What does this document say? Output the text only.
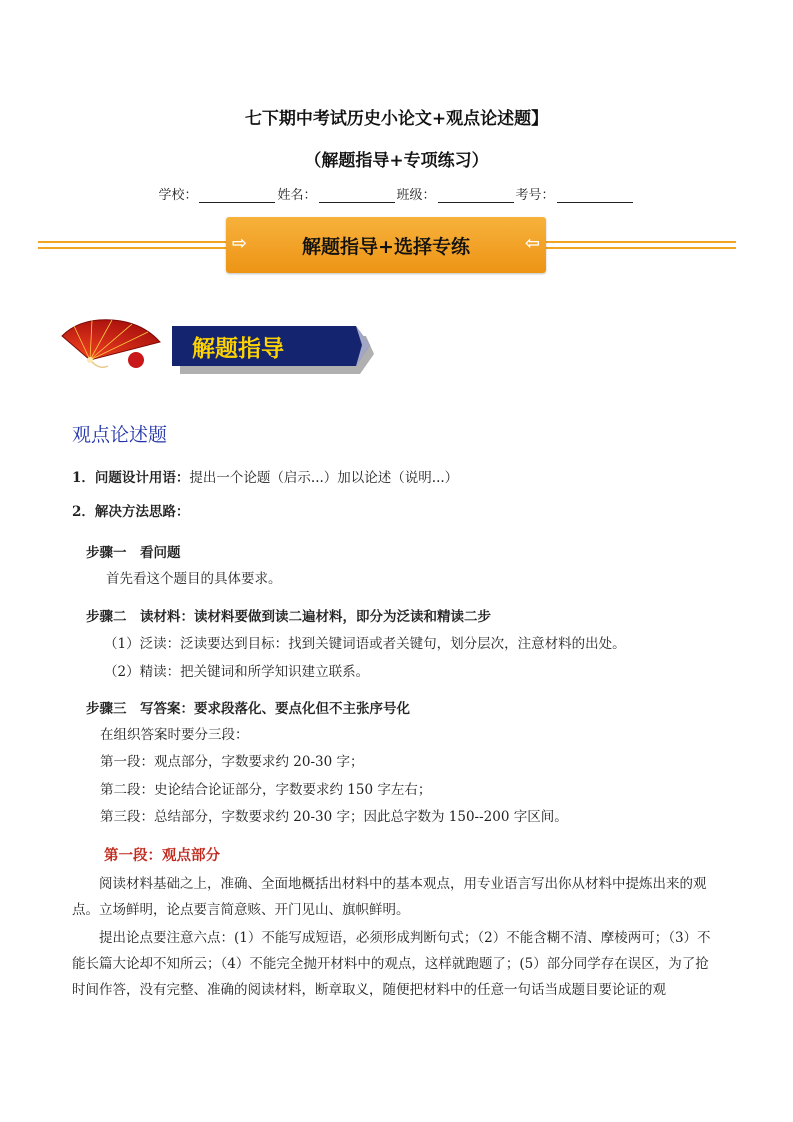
七下期中考试历史小论文+观点论述题】
（解题指导+专项练习）
学校：	姓名：	班级：	考号：
⇨	解题指导+选择专练	⇦
解题指导
观点论述题
1．问题设计用语：提出一个论题（启示...）加以论述（说明...）
2．解决方法思路：
步骤一　看问题
首先看这个题目的具体要求。
步骤二　读材料：读材料要做到读二遍材料，即分为泛读和精读二步
（1）泛读：泛读要达到目标：找到关键词语或者关键句，划分层次，注意材料的出处。
（2）精读：把关键词和所学知识建立联系。
步骤三　写答案：要求段落化、要点化但不主张序号化
在组织答案时要分三段：
第一段：观点部分，字数要求约 20-30 字；
第二段：史论结合论证部分，字数要求约 150 字左右；
第三段：总结部分，字数要求约 20-30 字；因此总字数为 150--200 字区间。
第一段：观点部分
阅读材料基础之上，准确、全面地概括出材料中的基本观点，用专业语言写出你从材料中提炼出来的观点。立场鲜明，论点要言简意赅、开门见山、旗帜鲜明。
提出论点要注意六点：(1）不能写成短语，必须形成判断句式；（2）不能含糊不清、摩棱两可；（3）不能长篇大论却不知所云；（4）不能完全抛开材料中的观点，这样就跑题了；(5）部分同学存在误区，为了抢时间作答，没有完整、准确的阅读材料，断章取义，随便把材料中的任意一句话当成题目要论证的观
